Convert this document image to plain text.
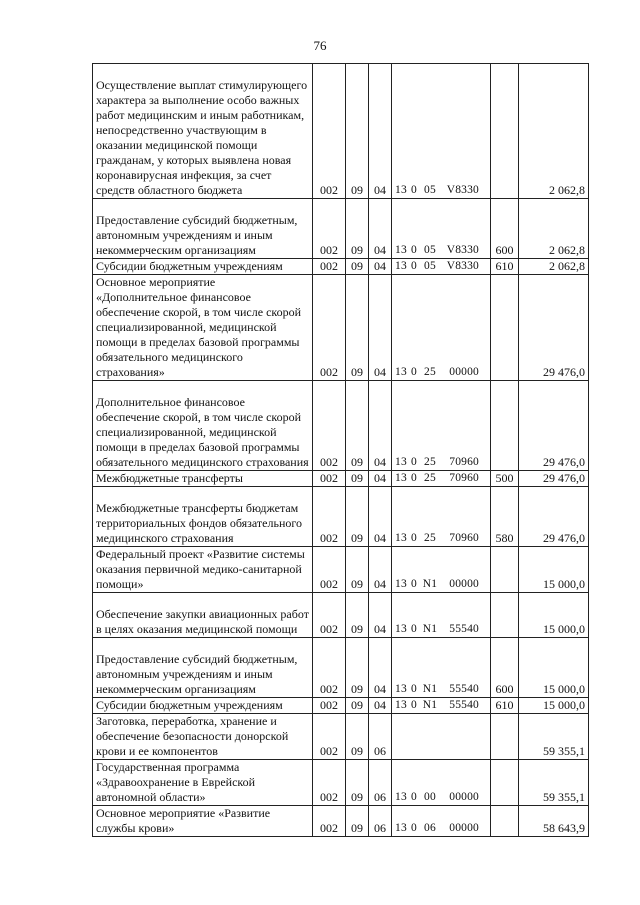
76
Осуществление выплат стимулирующего характера за выполнение особо важных работ медицинским и иным работникам, непосредственно участвующим в оказании медицинской помощи гражданам, у которых выявлена новая коронавирусная инфекция, за счет средств областного бюджета	002	09	04	13 0 05 V8330		2 062,8
Предоставление субсидий бюджетным, автономным учреждениям и иным некоммерческим организациям	002	09	04	13 0 05 V8330	600	2 062,8
Субсидии бюджетным учреждениям	002	09	04	13 0 05 V8330	610	2 062,8
Основное мероприятие «Дополнительное финансовое обеспечение скорой, в том числе скорой специализированной, медицинской помощи в пределах базовой программы обязательного медицинского страхования»	002	09	04	13 0 25 00000		29 476,0
Дополнительное финансовое обеспечение скорой, в том числе скорой специализированной, медицинской помощи в пределах базовой программы обязательного медицинского страхования	002	09	04	13 0 25 70960		29 476,0
Межбюджетные трансферты	002	09	04	13 0 25 70960	500	29 476,0
Межбюджетные трансферты бюджетам территориальных фондов обязательного медицинского страхования	002	09	04	13 0 25 70960	580	29 476,0
Федеральный проект «Развитие системы оказания первичной медико-санитарной помощи»	002	09	04	13 0 N1 00000		15 000,0
Обеспечение закупки авиационных работ в целях оказания медицинской помощи	002	09	04	13 0 N1 55540		15 000,0
Предоставление субсидий бюджетным, автономным учреждениям и иным некоммерческим организациям	002	09	04	13 0 N1 55540	600	15 000,0
Субсидии бюджетным учреждениям	002	09	04	13 0 N1 55540	610	15 000,0
Заготовка, переработка, хранение и обеспечение безопасности донорской крови и ее компонентов	002	09	06			59 355,1
Государственная программа «Здравоохранение в Еврейской автономной области»	002	09	06	13 0 00 00000		59 355,1
Основное мероприятие «Развитие службы крови»	002	09	06	13 0 06 00000		58 643,9
